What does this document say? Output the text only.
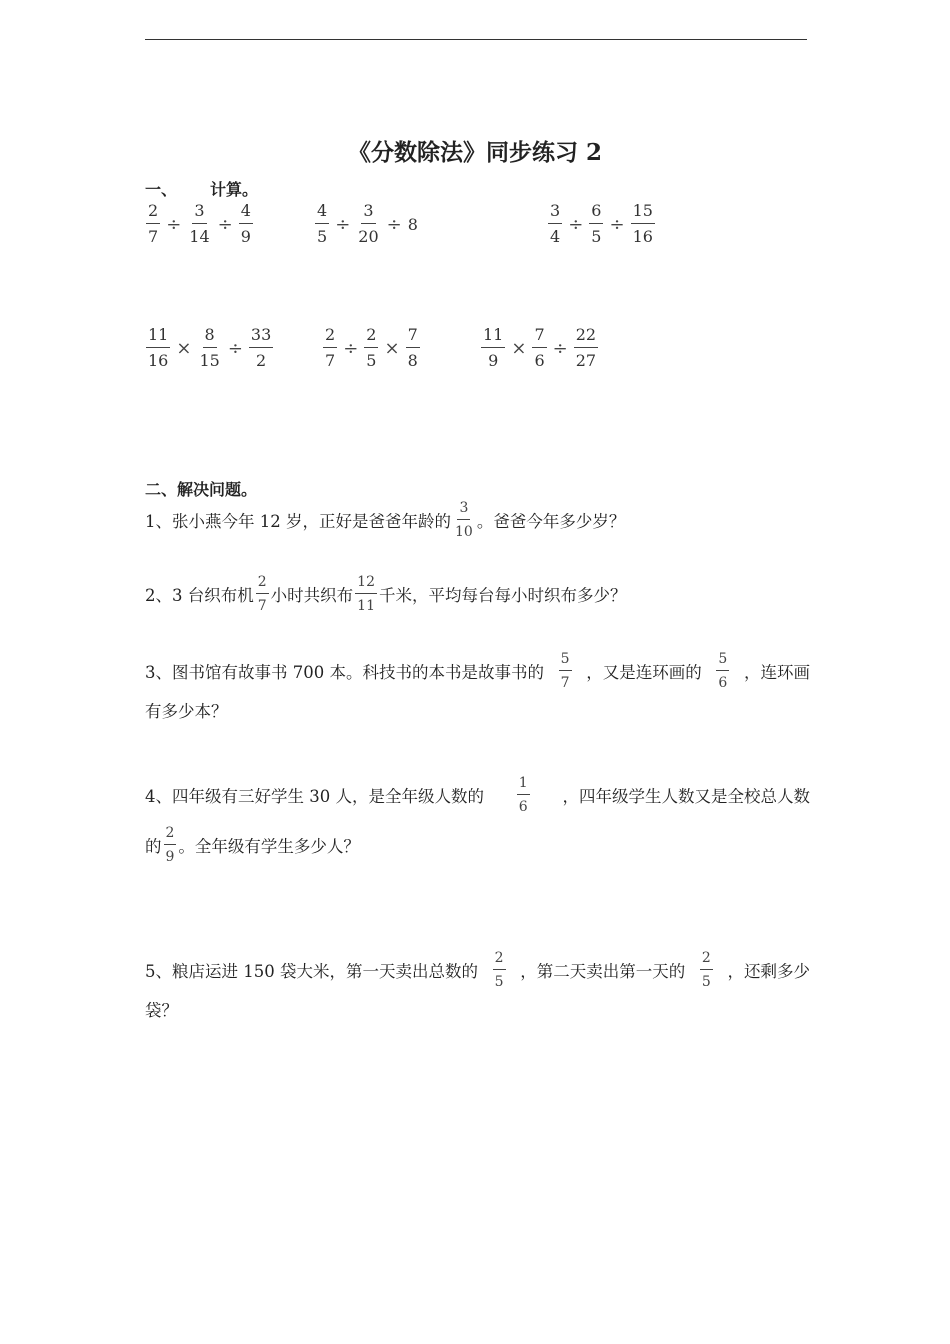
《分数除法》同步练习 2
一、 计算。
$\frac{2}{7} \div \frac{3}{14} \div \frac{4}{9}$	$\frac{4}{5} \div \frac{3}{20} \div 8$	$\frac{3}{4} \div \frac{6}{5} \div \frac{15}{16}$
$\frac{11}{16} \times \frac{8}{15} \div \frac{33}{2}$	$\frac{2}{7} \div \frac{2}{5} \times \frac{7}{8}$	$\frac{11}{9} \times \frac{7}{6} \div \frac{22}{27}$
二、解决问题。
1、张小燕今年 12 岁，正好是爸爸年龄的 $\frac{3}{10}$ 。爸爸今年多少岁？
2、3 台织布机 $\frac{2}{7}$ 小时共织布 $\frac{12}{11}$ 千米，平均每台每小时织布多少？
3、图书馆有故事书 700 本。科技书的本书是故事书的 $\frac{5}{7}$ ，又是连环画的 $\frac{5}{6}$ ，连环画
有多少本？
4、四年级有三好学生 30 人，是全年级人数的 $\frac{1}{6}$ ，四年级学生人数又是全校总人数
的 $\frac{2}{9}$ 。全年级有学生多少人？
5、粮店运进 150 袋大米，第一天卖出总数的 $\frac{2}{5}$ ，第二天卖出第一天的 $\frac{2}{5}$ ，还剩多少
袋？
